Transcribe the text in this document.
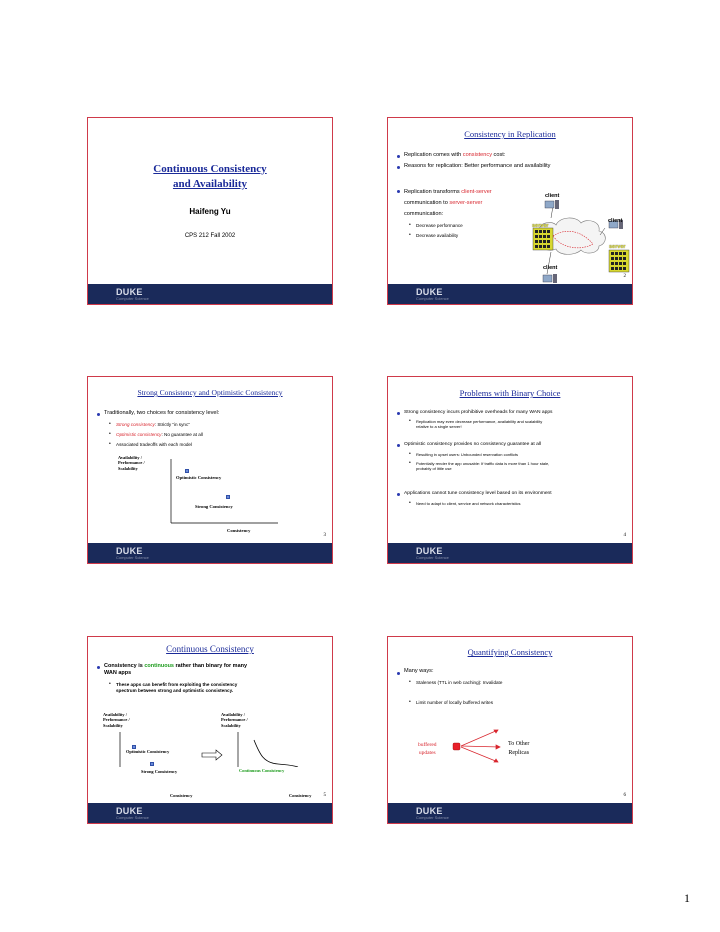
Continuous Consistency
and Availability
Haifeng Yu
CPS 212 Fall 2002
DUKE
Computer Science
Consistency in Replication
Replication comes with consistency cost:
Reasons for replication: Better performance and availability
Replication transforms client-server
communication to server-server
communication:
• Decrease performance
• Decrease availability
client
client
server
server
client
2
DUKE
Computer Science
Strong Consistency and Optimistic Consistency
Traditionally, two choices for consistency level:
• Strong consistency: Strictly “in sync”
• Optimistic consistency: No guarantee at all
• Associated tradeoffs with each model
Availability /
Performance /
Scalability
Optimistic Consistency
Strong Consistency
Consistency
3
DUKE
Computer Science
Problems with Binary Choice
Strong consistency incurs prohibitive overheads for many WAN apps
• Replication may even decrease performance, availability and scalability
relative to a single server!
Optimistic consistency provides no consistency guarantee at all
• Resulting in upset users: Unbounded reservation conflicts
• Potentially render the app unusable: If traffic data is more than 1 hour stale,
probably of little use
Applications cannot tune consistency level based on its environment
• Need to adapt to client, service and network characteristics
4
DUKE
Computer Science
Continuous Consistency
Consistency is continuous rather than binary for many
WAN apps
• These apps can benefit from exploiting the consistency
spectrum between strong and optimistic consistency.
Availability /
Performance /
Scalability
Availability /
Performance /
Scalability
Optimistic Consistency
Strong Consistency	Continuous Consistency
Consistency	Consistency 5
DUKE
Computer Science
Quantifying Consistency
Many ways:
• Staleness (TTL in web caching): Invalidate
• Limit number of locally buffered writes
buffered
updates
To Other
Replicas
6
DUKE
Computer Science
1
